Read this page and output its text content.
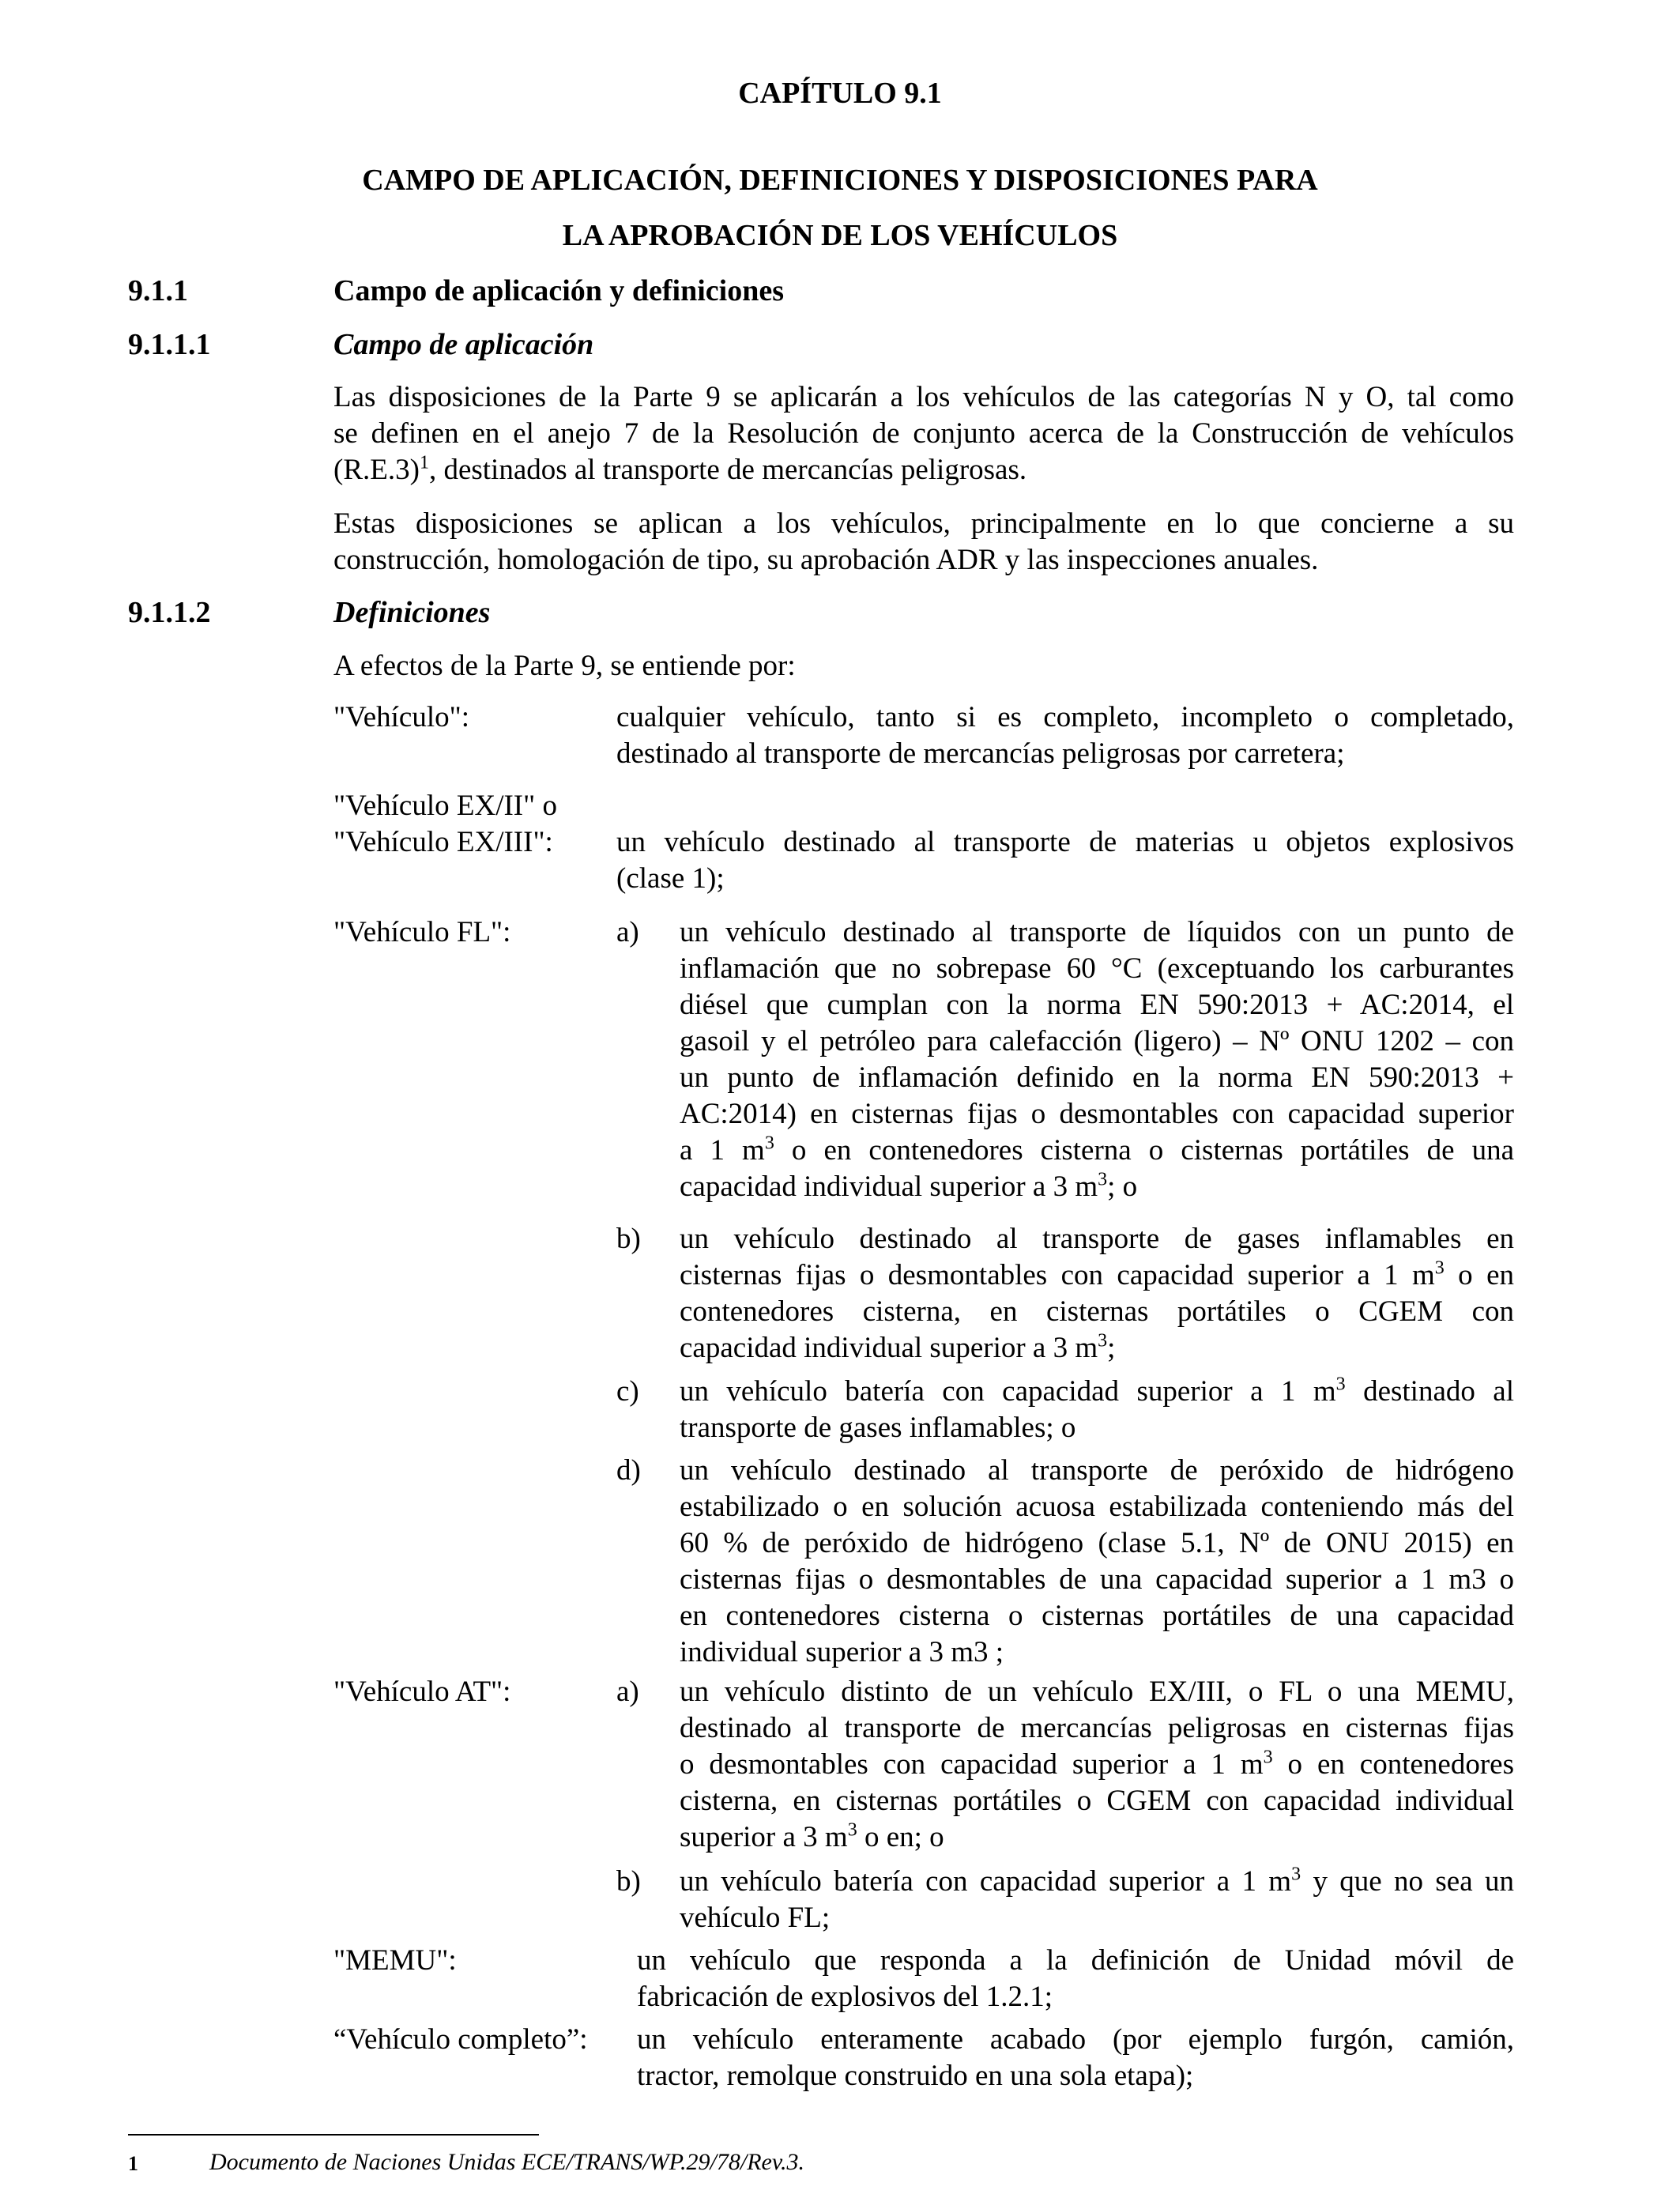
CAPÍTULO 9.1
CAMPO DE APLICACIÓN, DEFINICIONES Y DISPOSICIONES PARA
LA APROBACIÓN DE LOS VEHÍCULOS
9.1.1	Campo de aplicación y definiciones
9.1.1.1	Campo de aplicación
Las disposiciones de la Parte 9 se aplicarán a los vehículos de las categorías N y O, tal como
se definen en el anejo 7 de la Resolución de conjunto acerca de la Construcción de vehículos
$(R.E.3)^1$, destinados al transporte de mercancías peligrosas.
Estas disposiciones se aplican a los vehículos, principalmente en lo que concierne a su
construcción, homologación de tipo, su aprobación ADR y las inspecciones anuales.
9.1.1.2	Definiciones
A efectos de la Parte 9, se entiende por:
"Vehículo":	cualquier vehículo, tanto si es completo, incompleto o completado,
destinado al transporte de mercancías peligrosas por carretera;
"Vehículo EX/II" o
"Vehículo EX/III": un vehículo destinado al transporte de materias u objetos explosivos
(clase 1);
"Vehículo FL":	a)	un vehículo destinado al transporte de líquidos con un punto de
inflamación que no sobrepase 60 °C (exceptuando los carburantes
diésel que cumplan con la norma EN 590:2013 + AC:2014, el
gasoil y el petróleo para calefacción (ligero) – Nº ONU 1202 – con
un punto de inflamación definido en la norma EN 590:2013 +
AC:2014) en cisternas fijas o desmontables con capacidad superior
a 1 $m^3$ o en contenedores cisterna o cisternas portátiles de una
capacidad individual superior a 3 $m^3$; o
b)	un vehículo destinado al transporte de gases inflamables en
cisternas fijas o desmontables con capacidad superior a 1 $m^3$ o en
contenedores cisterna, en cisternas portátiles o CGEM con
capacidad individual superior a 3 $m^3$;
c)	un vehículo batería con capacidad superior a 1 $m^3$ destinado al
transporte de gases inflamables; o
d)	un vehículo destinado al transporte de peróxido de hidrógeno
estabilizado o en solución acuosa estabilizada conteniendo más del
60 % de peróxido de hidrógeno (clase 5.1, Nº de ONU 2015) en
cisternas fijas o desmontables de una capacidad superior a 1 m3 o
en contenedores cisterna o cisternas portátiles de una capacidad
individual superior a 3 m3 ;
"Vehículo AT":	a)	un vehículo distinto de un vehículo EX/III, o FL o una MEMU,
destinado al transporte de mercancías peligrosas en cisternas fijas
o desmontables con capacidad superior a 1 $m^3$ o en contenedores
cisterna, en cisternas portátiles o CGEM con capacidad individual
superior a 3 $m^3$ o en; o
b)	un vehículo batería con capacidad superior a 1 $m^3$ y que no sea un
vehículo FL;
"MEMU":	un vehículo que responda a la definición de Unidad móvil de
fabricación de explosivos del 1.2.1;
“Vehículo completo”: un vehículo enteramente acabado (por ejemplo furgón, camión,
tractor, remolque construido en una sola etapa);
1	Documento de Naciones Unidas ECE/TRANS/WP.29/78/Rev.3.
